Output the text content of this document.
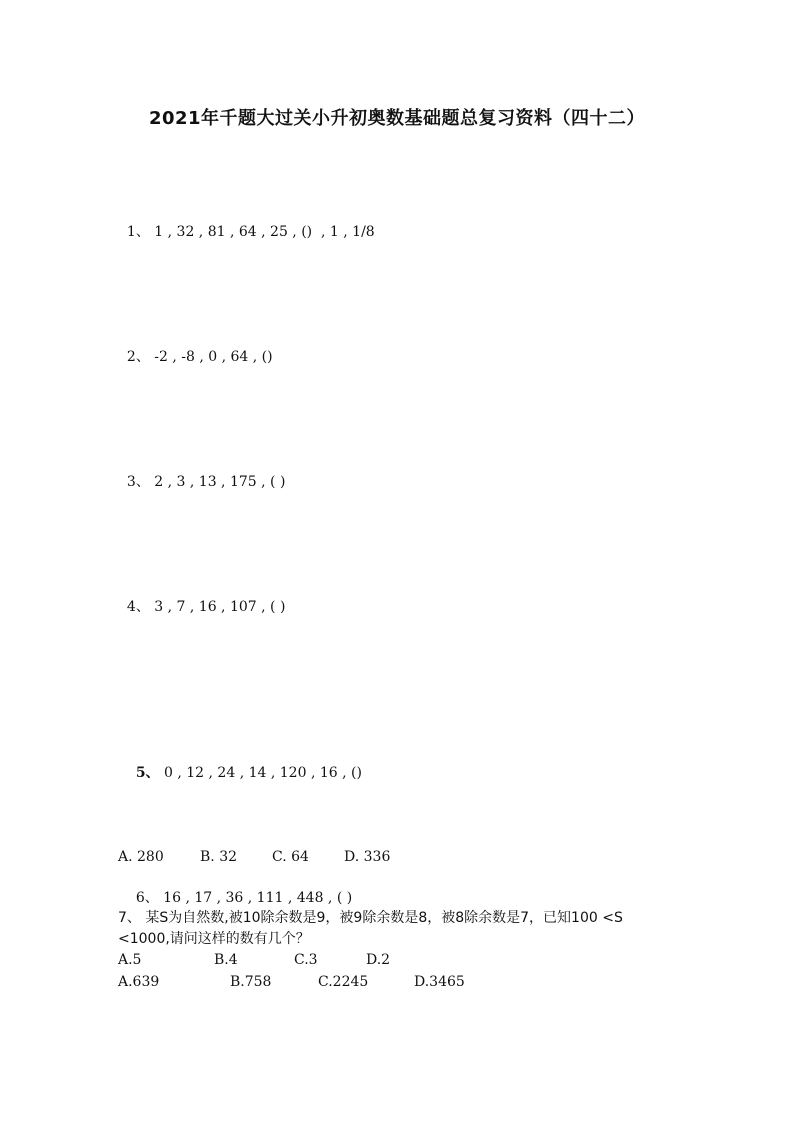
2021年千题大过关小升初奥数基础题总复习资料（四十二）

1、 1 , 32 , 81 , 64 , 25 , ()  , 1 , 1/8

2、 -2 , -8 , 0 , 64 , ()

3、 2 , 3 , 13 , 175 , ( )

4、 3 , 7 , 16 , 107 , ( )

5、 0 , 12 , 24 , 14 , 120 , 16 , ()

A. 280	B. 32	C. 64	D. 336

6、 16 , 17 , 36 , 111 , 448 , ( )

A.639	B.758	C.2245	D.3465

7、 某S为自然数,被10除余数是9，被9除余数是8，被8除余数是7，已知100 <S <1000,请问这样的数有几个？
A.5	B.4	C.3	D.2
